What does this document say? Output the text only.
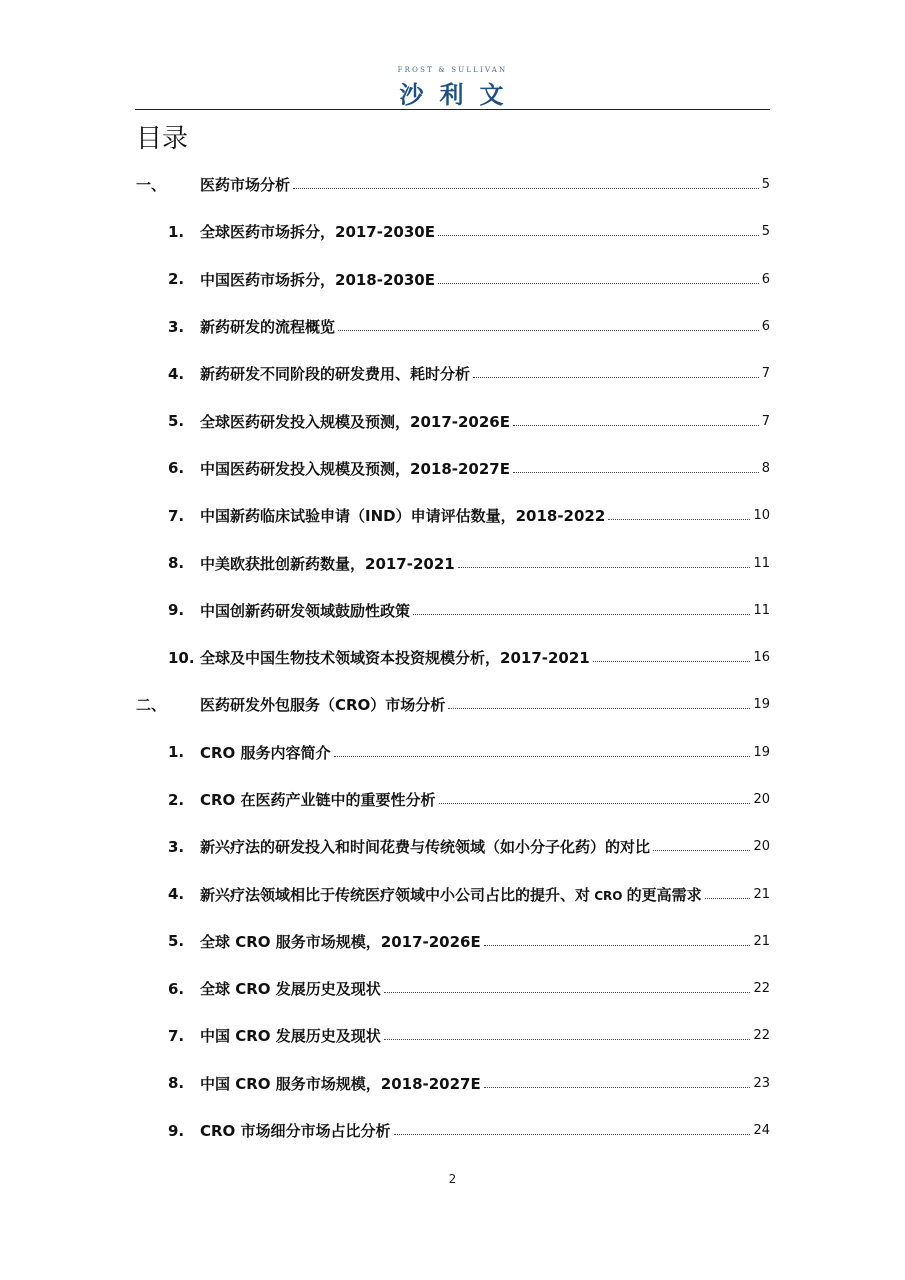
FROST & SULLIVAN
沙利文
目录
一、	医药市场分析	5
1.	全球医药市场拆分，2017-2030E	5
2.	中国医药市场拆分，2018-2030E	6
3.	新药研发的流程概览	6
4.	新药研发不同阶段的研发费用、耗时分析	7
5.	全球医药研发投入规模及预测，2017-2026E	7
6.	中国医药研发投入规模及预测，2018-2027E	8
7.	中国新药临床试验申请（IND）申请评估数量，2018-2022	10
8.	中美欧获批创新药数量，2017-2021	11
9.	中国创新药研发领域鼓励性政策	11
10. 全球及中国生物技术领域资本投资规模分析，2017-2021	16
二、	医药研发外包服务（CRO）市场分析	19
1.	CRO 服务内容简介	19
2.	CRO 在医药产业链中的重要性分析	20
3.	新兴疗法的研发投入和时间花费与传统领域（如小分子化药）的对比	20
4.	新兴疗法领域相比于传统医疗领域中小公司占比的提升、对 CRO 的更高需求	21
5.	全球 CRO 服务市场规模，2017-2026E	21
6.	全球 CRO 发展历史及现状	22
7.	中国 CRO 发展历史及现状	22
8.	中国 CRO 服务市场规模，2018-2027E	23
9.	CRO 市场细分市场占比分析	24
2
